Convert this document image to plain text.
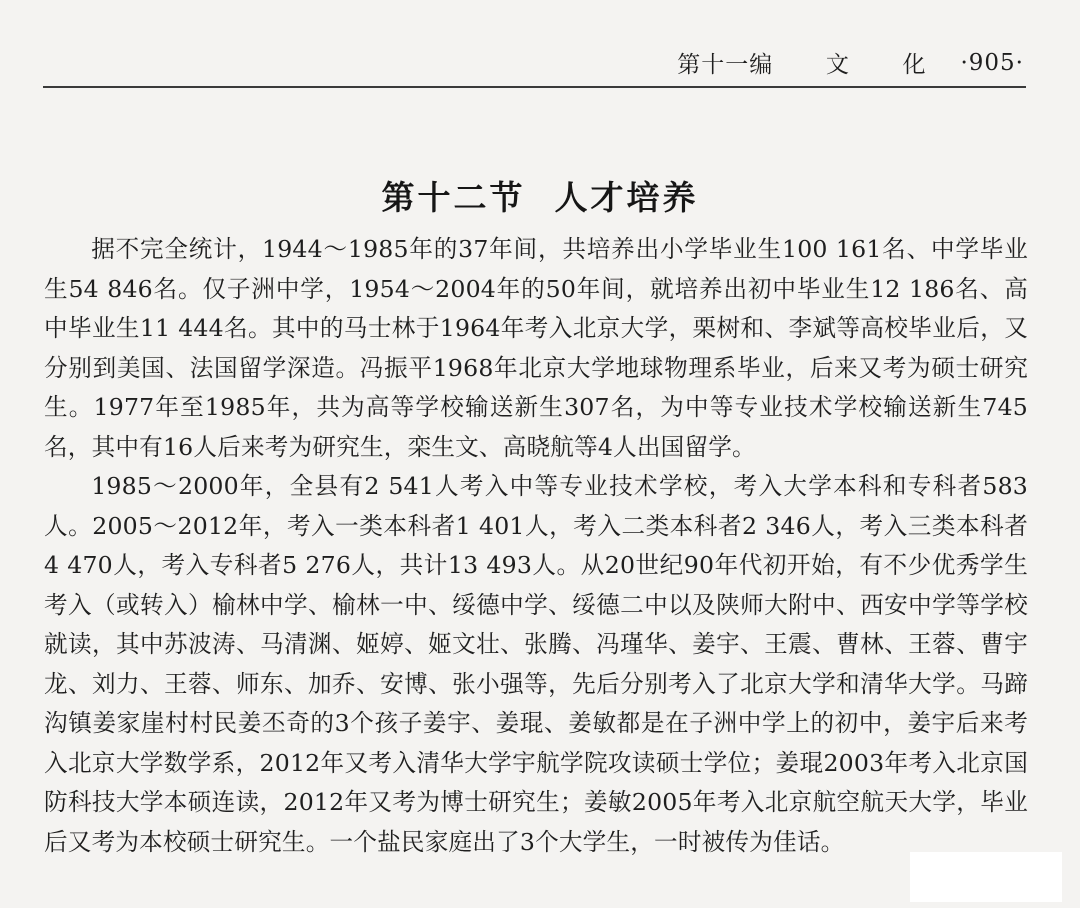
第十一编  文  化 ·905·
第十二节  人才培养

据不完全统计，1944～1985年的37年间，共培养出小学毕业生100 161名、中学毕业生54 846名。仅子洲中学，1954～2004年的50年间，就培养出初中毕业生12 186名、高中毕业生11 444名。其中的马士林于1964年考入北京大学，栗树和、李斌等高校毕业后，又分别到美国、法国留学深造。冯振平1968年北京大学地球物理系毕业，后来又考为硕士研究生。1977年至1985年，共为高等学校输送新生307名，为中等专业技术学校输送新生745名，其中有16人后来考为研究生，栾生文、高晓航等4人出国留学。

1985～2000年，全县有2 541人考入中等专业技术学校，考入大学本科和专科者583人。2005～2012年，考入一类本科者1 401人，考入二类本科者2 346人，考入三类本科者4 470人，考入专科者5 276人，共计13 493人。从20世纪90年代初开始，有不少优秀学生考入（或转入）榆林中学、榆林一中、绥德中学、绥德二中以及陕师大附中、西安中学等学校就读，其中苏波涛、马清渊、姬婷、姬文壮、张腾、冯瑾华、姜宇、王震、曹林、王蓉、曹宇龙、刘力、王蓉、师东、加乔、安博、张小强等，先后分别考入了北京大学和清华大学。马蹄沟镇姜家崖村村民姜丕奇的3个孩子姜宇、姜琨、姜敏都是在子洲中学上的初中，姜宇后来考入北京大学数学系，2012年又考入清华大学宇航学院攻读硕士学位；姜琨2003年考入北京国防科技大学本硕连读，2012年又考为博士研究生；姜敏2005年考入北京航空航天大学，毕业后又考为本校硕士研究生。一个盐民家庭出了3个大学生，一时被传为佳话。
